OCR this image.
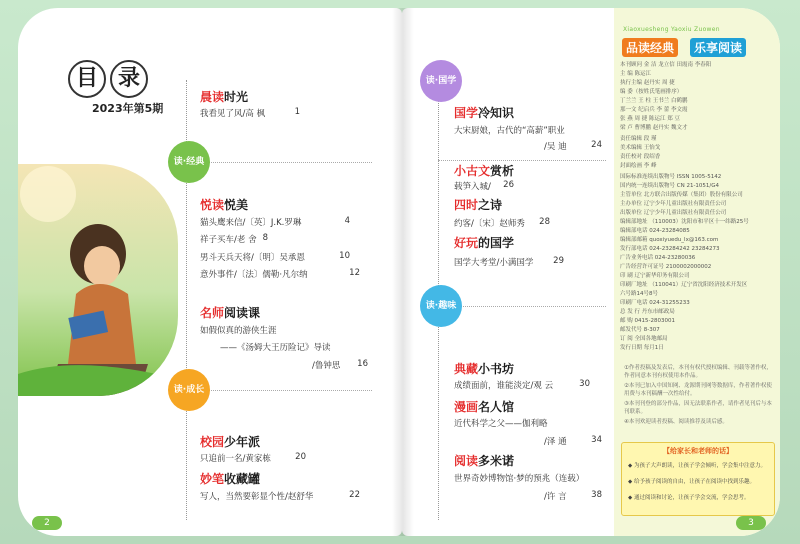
目 录
2023年第5期
读·经典
读·成长
晨读时光
我看见了风/高 枫	1
悦读悦美
猫头鹰来信/〔英〕J.K.罗琳	4
祥子买车/老 舍 8
男斗天兵天将/〔明〕吴承恩	10
意外事件/〔法〕儒勒·凡尔纳	12
名师阅读课
如假似真的游侠生涯
——《汤姆大王历险记》导读
/鲁钟思	16
校园少年派
只追前一名/黄家栋	20
妙笔收藏罐
写人，当然要彰显个性/赵舒华	22
2
读·国学
读·趣味
国学冷知识
大宋厨娘，古代的“高薪”职业
/吴 迪	24
小古文赏析
载笋入城/	26
四时之诗
约客/〔宋〕赵师秀	28
好玩的国学
国学大考堂/小满国学	29
典藏小书坊
成绩面前，谁能淡定/观 云	30
漫画名人馆
近代科学之父——伽利略
/泽 通	34
阅读多米诺
世界奇妙博物馆·梦的预兆（连载）
/许 言	38
Xiaoxuesheng Yaoxiu Zuowen
品读经典	乐享阅读
本刊顾问 金 洁 龙立信 田霞南 李春阳
主 编 陈运江
执行主编 赵丹实 周 捷
编 委（按姓氏笔画排序）
丁兰兰 王 柱 王书兰 白鹤鹏
那一文 纪启兵 李 蕾 李文霞
张 燕 周 捷 陈运江 郑 豆
梁 卢 曹博鹏 赵丹实 魏文才
责任编辑 段 瑾
美术编辑 王怡戈
责任校对 段绍香
封面绘画 李 峰
国际标准连续出版物号 ISSN 1005-5142
国内统一连续出版物号 CN 21-1051/G4
主管单位 北方联合出版传媒（集团）股份有限公司
主办单位 辽宁少年儿童出版社有限责任公司
出版单位 辽宁少年儿童出版社有限责任公司
编辑部地址 （110003）沈阳市和平区十一纬路25号
编辑部电话 024-23284085
编辑部邮箱 quoxiyuedu_lx@163.com
发行部电话 024-23284242 23284273
广告业务电话 024-23280036
广告经营许可证号 2100002000002
印 刷 辽宁新华印务有限公司
印刷厂地址 （110041）辽宁省沈阳经济技术开发区
六号路14号8号
印刷厂电话 024-31255233
总 发 行 丹东市邮政局
邮 购 0415-2803001
邮发代号 8-307
订 阅 全国各地邮局
发行日期 每月1日

①作者投稿及发表后，本刊有权代授权编辑、刊载等著作权，作者同意本刊有权使用本作品。

②本刊已加入中国知网、龙源期刊网等数据库，作者著作权使用费与本刊稿酬一次性给付。

③本刊刊登的部分作品，因无法联系作者，请作者见刊后与本刊联系。

④本刊欢迎读者投稿、阅读推荐及读后感。

【给家长和老师的话】
◆ 为孩子大声朗读，让孩子学会倾听，学会集中注意力。
◆ 给予孩子阅读的自由，让孩子在阅读中找到乐趣。
◆ 通过阅读和讨论，让孩子学会交流，学会思考。
3
